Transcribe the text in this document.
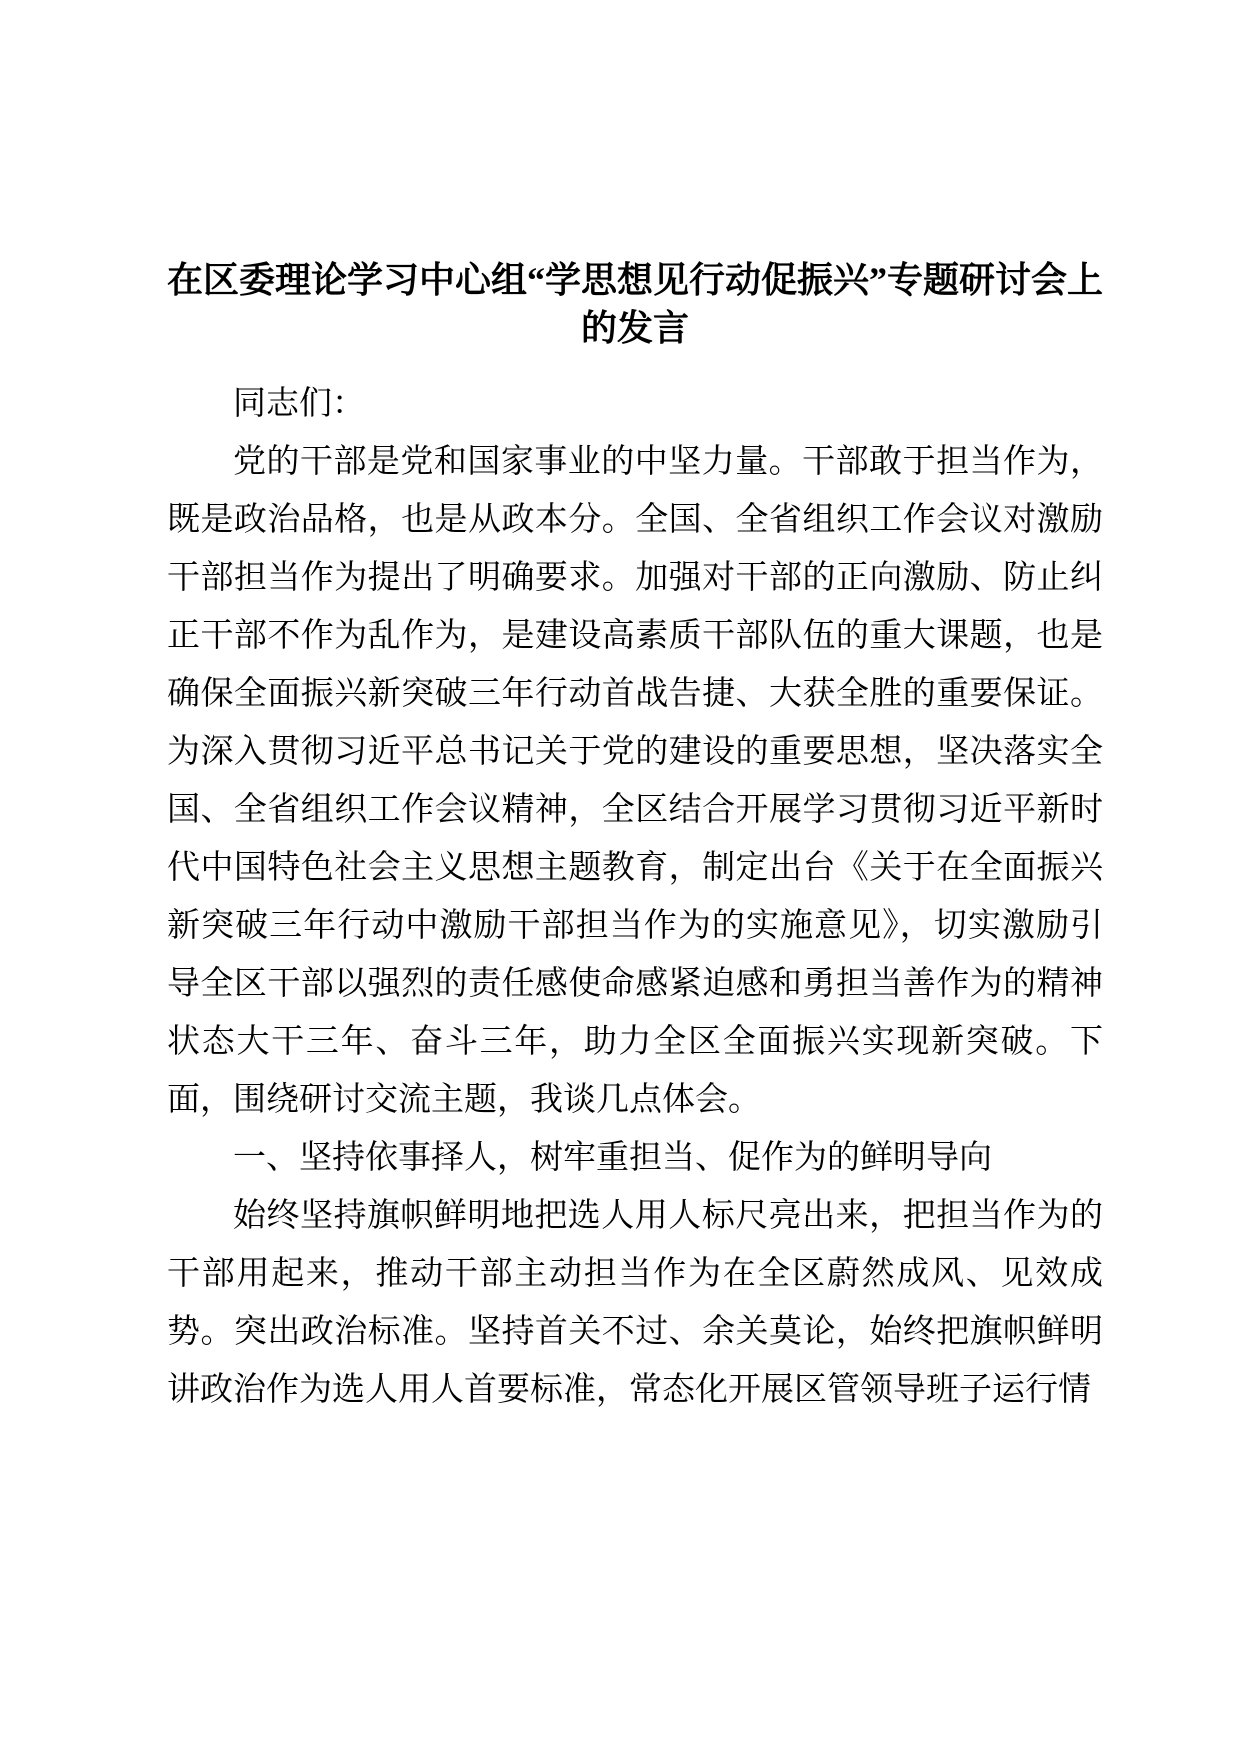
在区委理论学习中心组“学思想见行动促振兴”专题研讨会上
的发言

同志们：

党的干部是党和国家事业的中坚力量。干部敢于担当作为，既是政治品格，也是从政本分。全国、全省组织工作会议对激励干部担当作为提出了明确要求。加强对干部的正向激励、防止纠正干部不作为乱作为，是建设高素质干部队伍的重大课题，也是确保全面振兴新突破三年行动首战告捷、大获全胜的重要保证。为深入贯彻习近平总书记关于党的建设的重要思想，坚决落实全国、全省组织工作会议精神，全区结合开展学习贯彻习近平新时代中国特色社会主义思想主题教育，制定出台《关于在全面振兴新突破三年行动中激励干部担当作为的实施意见》，切实激励引导全区干部以强烈的责任感使命感紧迫感和勇担当善作为的精神状态大干三年、奋斗三年，助力全区全面振兴实现新突破。下面，围绕研讨交流主题，我谈几点体会。

一、坚持依事择人，树牢重担当、促作为的鲜明导向

始终坚持旗帜鲜明地把选人用人标尺亮出来，把担当作为的干部用起来，推动干部主动担当作为在全区蔚然成风、见效成势。突出政治标准。坚持首关不过、余关莫论，始终把旗帜鲜明讲政治作为选人用人首要标准，常态化开展区管领导班子运行情
